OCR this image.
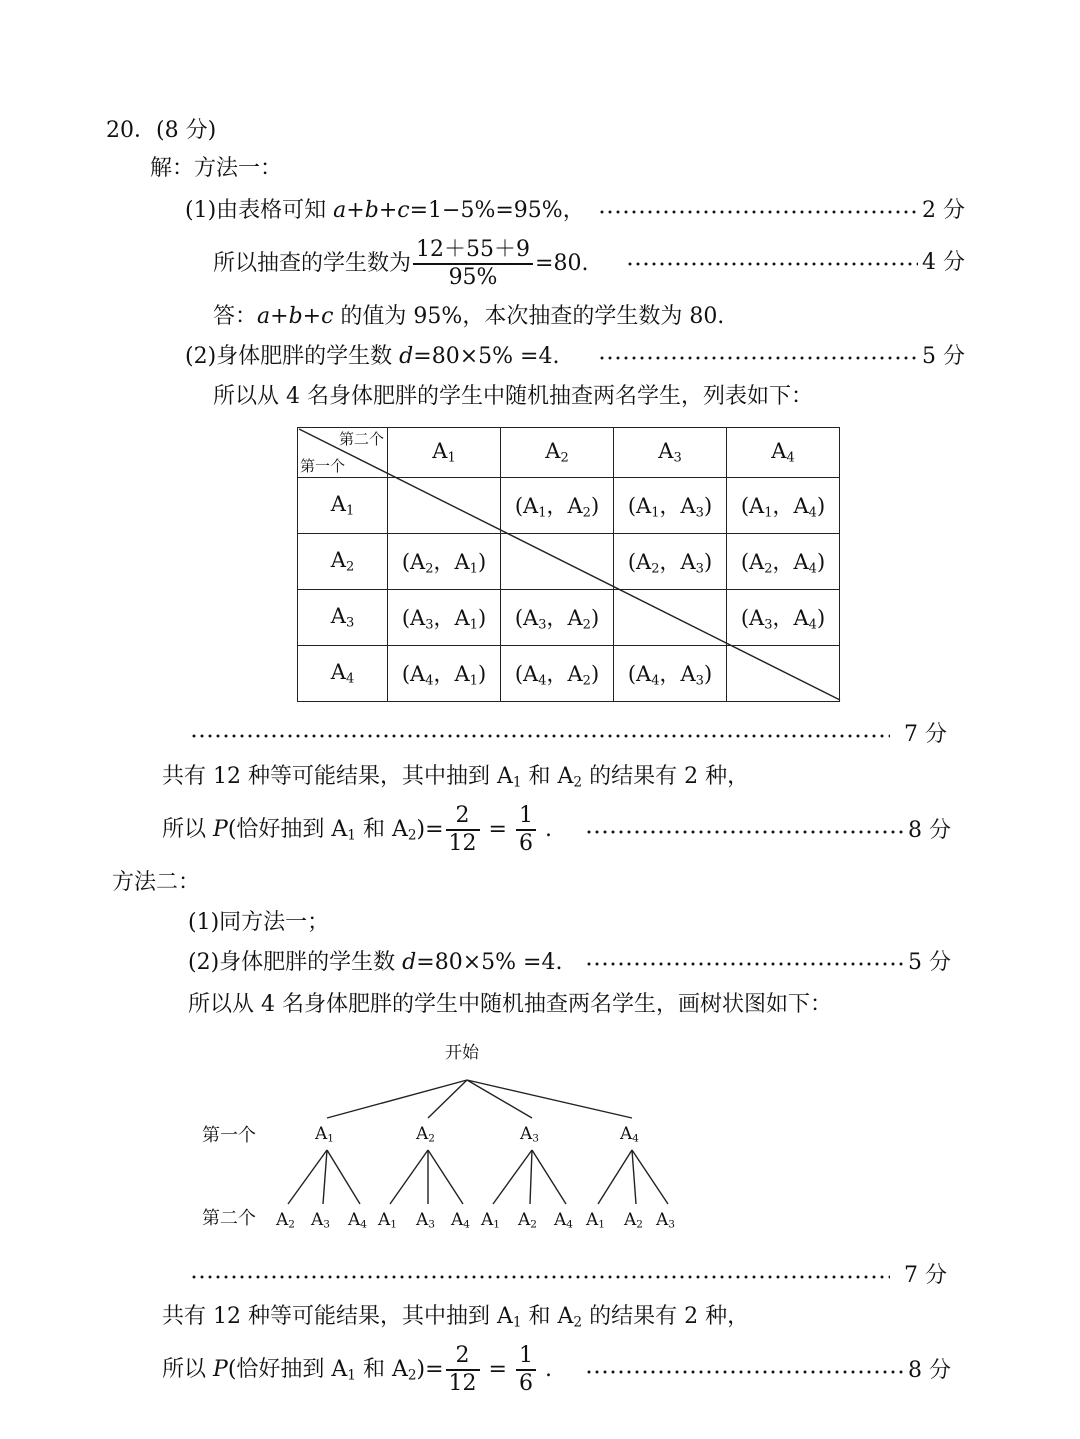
20．(8 分)
解：方法一：
(1)由表格可知 a+b+c=1−5%=95%，	2 分
所以抽查的学生数为 $\frac{12+55+9}{95\%} =80$.	4 分
答：a+b+c 的值为 95%，本次抽查的学生数为 80.
(2)身体肥胖的学生数 d=80×5% =4.	5 分
所以从 4 名身体肥胖的学生中随机抽查两名学生，列表如下：
第二个
第一个	$A_1$	$A_2$	$A_3$	$A_4$
$A_1$		($A_1$，$A_2$)	($A_1$，$A_3$)	($A_1$，$A_4$)
$A_2$	($A_2$，$A_1$)		($A_2$，$A_3$)	($A_2$，$A_4$)
$A_3$	($A_3$，$A_1$)	($A_3$，$A_2$)		($A_3$，$A_4$)
$A_4$	($A_4$，$A_1$)	($A_4$，$A_2$)	($A_4$，$A_3$)	
7 分
共有 12 种等可能结果，其中抽到 $A_1$ 和 $A_2$ 的结果有 2 种，
所以 P(恰好抽到 $A_1$ 和 $A_2)= \frac{2}{12} = \frac{1}{6}$ .	8 分
方法二：
(1)同方法一；
(2)身体肥胖的学生数 d=80×5% =4.	5 分
所以从 4 名身体肥胖的学生中随机抽查两名学生，画树状图如下：
开始
第一个
第二个
$A_1$
$A_2$ $A_3$ $A_4$
$A_2$
$A_1$ $A_3$ $A_4$
$A_3$
$A_1$ $A_2$ $A_4$
$A_4$
$A_1$ $A_2$ $A_3$
7 分
共有 12 种等可能结果，其中抽到 $A_1$ 和 $A_2$ 的结果有 2 种，
所以 P(恰好抽到 $A_1$ 和 $A_2)= \frac{2}{12} = \frac{1}{6}$ .	8 分
